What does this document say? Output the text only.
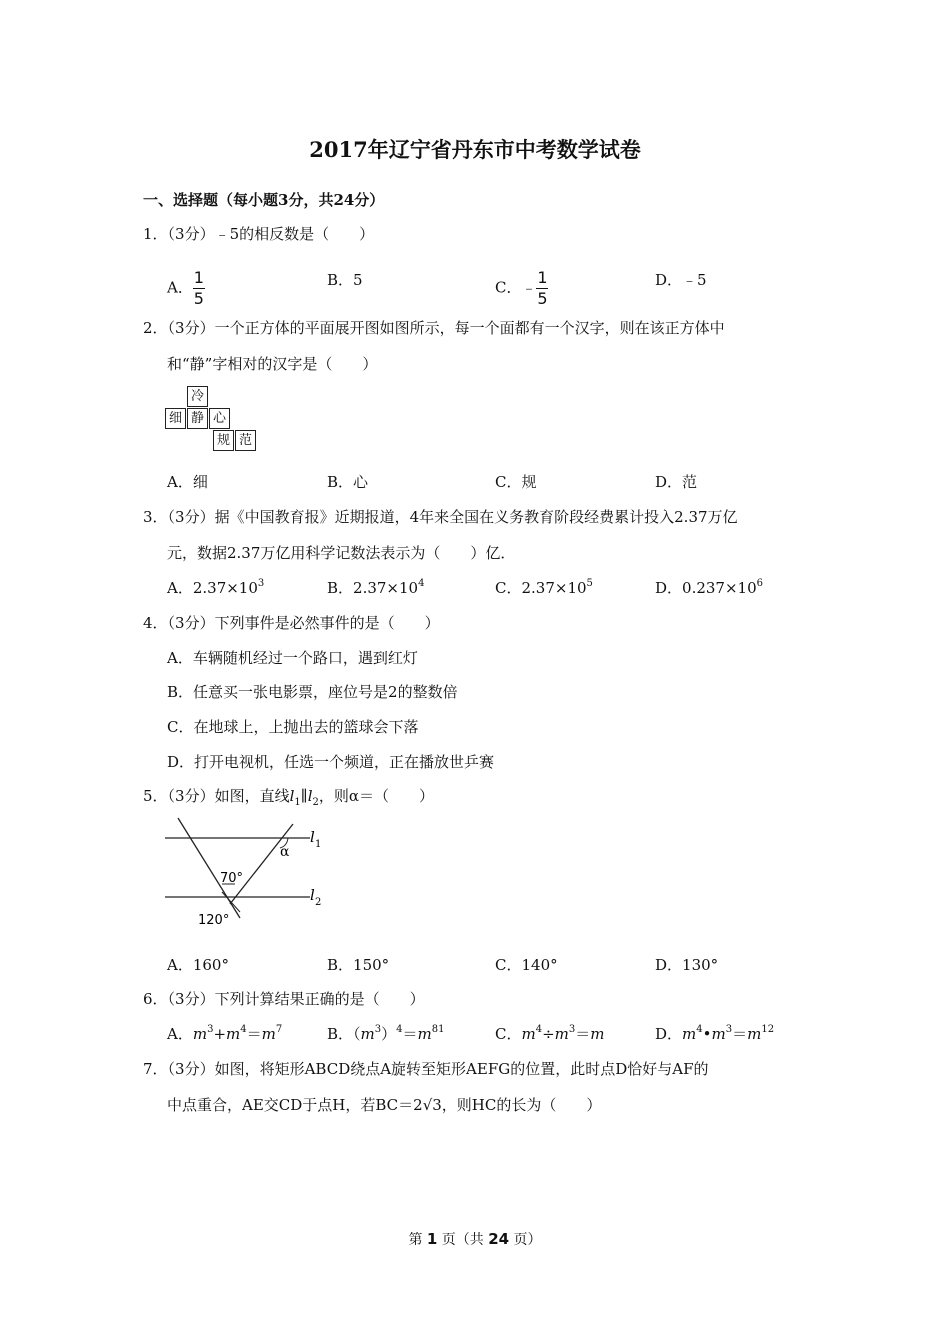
2017年辽宁省丹东市中考数学试卷
一、选择题（每小题3分，共24分）
1．（3分）﹣5的相反数是（　　）
A． $\frac{1}{5}$	B．5	C．﹣ $\frac{1}{5}$	D．﹣5
2．（3分）一个正方体的平面展开图如图所示，每一个面都有一个汉字，则在该正方体中
和“静”字相对的汉字是（　　）
冷
细 静 心
规 范
A．细	B．心	C．规	D．范
3．（3分）据《中国教育报》近期报道，4年来全国在义务教育阶段经费累计投入2.37万亿
元，数据2.37万亿用科学记数法表示为（　　）亿．
A．$2.37\times 10^3$	B．$2.37\times 10^4$	C．$2.37\times 10^5$	D．$0.237\times 10^6$
4．（3分）下列事件是必然事件的是（　　）
A．车辆随机经过一个路口，遇到红灯
B．任意买一张电影票，座位号是2的整数倍
C．在地球上，上抛出去的篮球会下落
D．打开电视机，任选一个频道，正在播放世乒赛
5．（3分）如图，直线$l_1\parallel l_2$，则α＝（　　）
α
70°
120°
l 1
l 2
A．160°	B．150°	C．140°	D．130°
6．（3分）下列计算结果正确的是（　　）
A．$m^3+m^4=m^7$	B．$(m^3)^4=m^{81}$	C．$m^4\div m^3=m$	D．$m^4•m^3=m^{12}$
7．（3分）如图，将矩形ABCD绕点A旋转至矩形AEFG的位置，此时点D恰好与AF的
中点重合，AE交CD于点H，若BC＝2√3，则HC的长为（　　）
第 1 页（共 24 页）
